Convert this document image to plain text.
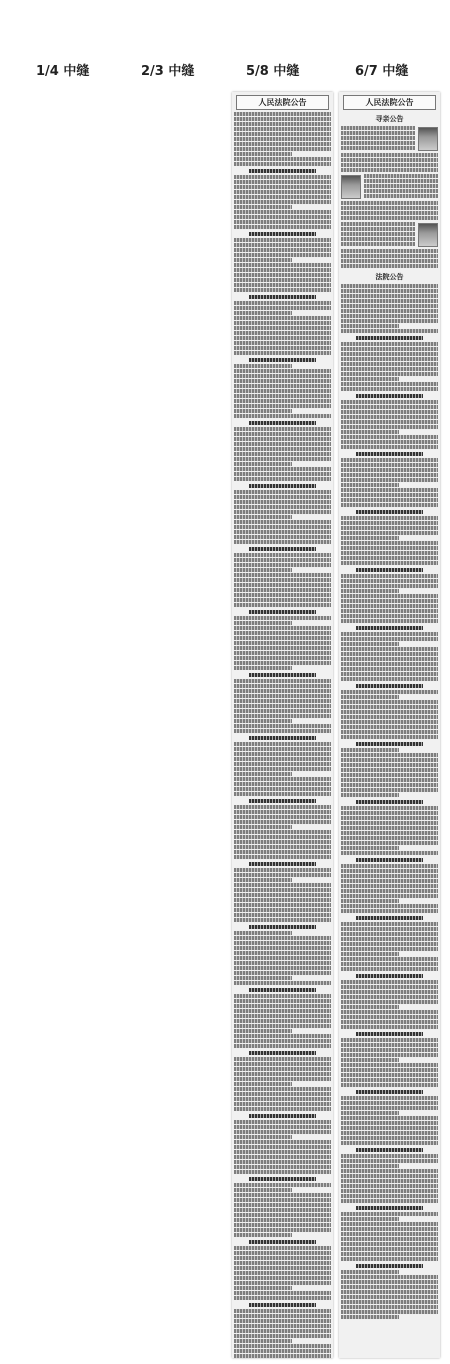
1/4 中缝	2/3 中缝	5/8 中缝	6/7 中缝
人民法院公告	人民法院公告
寻亲公告
法院公告
